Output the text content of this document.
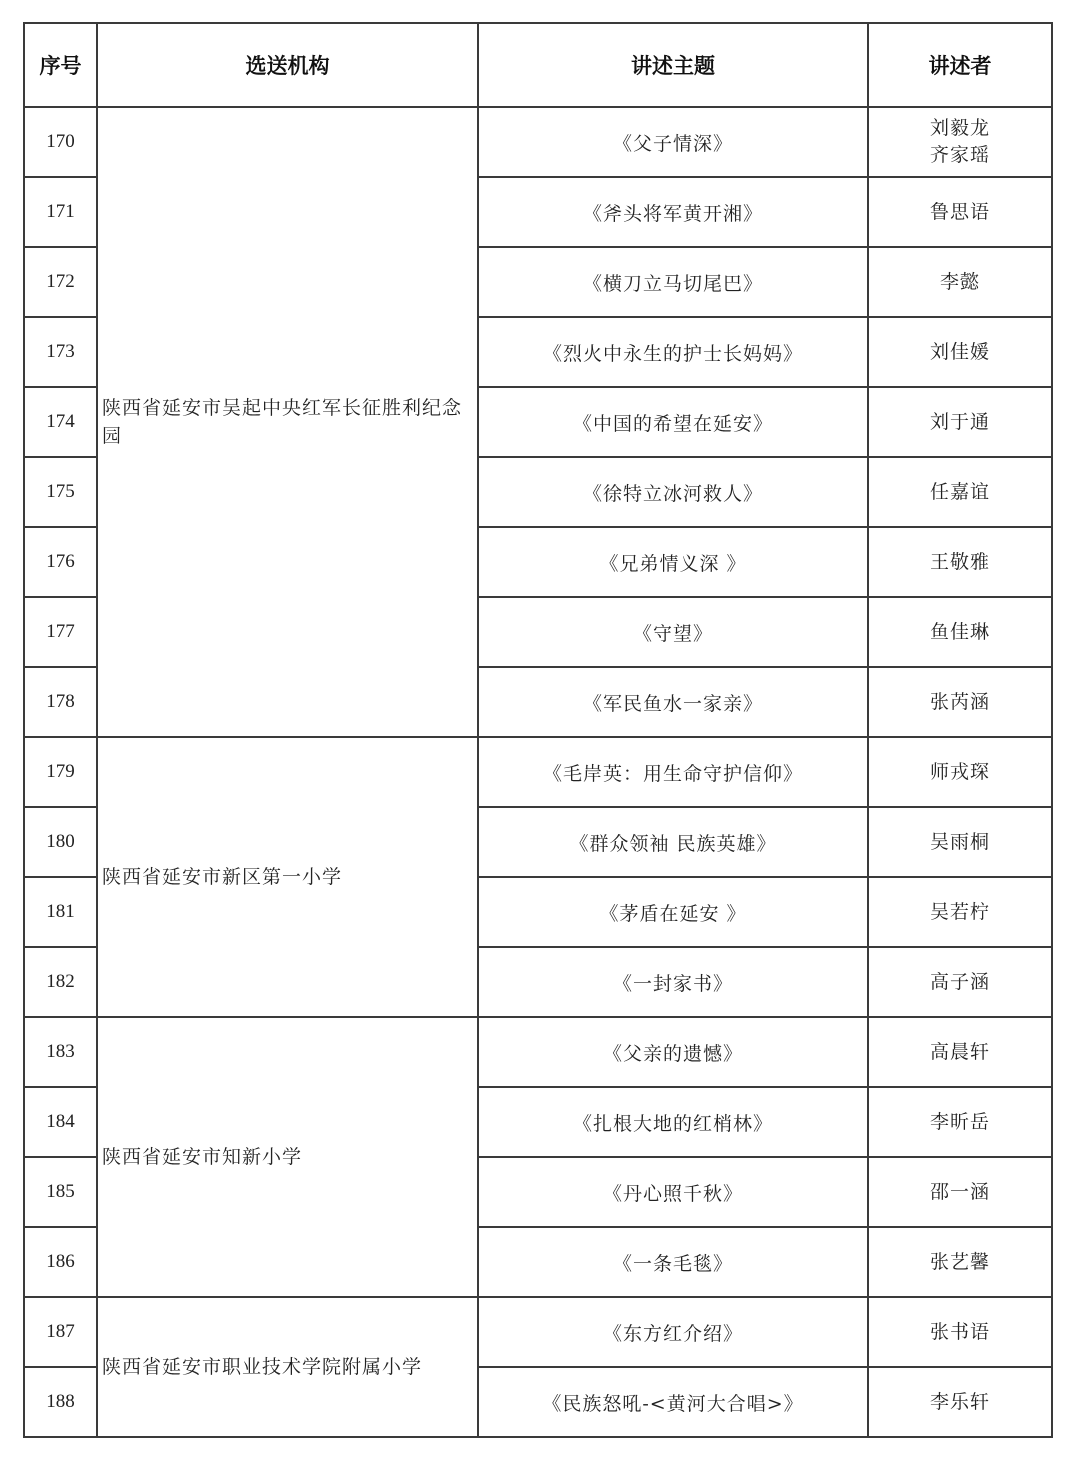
序号	选送机构	讲述主题	讲述者
170	陕西省延安市吴起中央红军长征胜利纪念园	《父子情深》	刘毅龙
齐家瑶

171		《斧头将军黄开湘》	鲁思语

172		《横刀立马切尾巴》	李懿

173		《烈火中永生的护士长妈妈》	刘佳媛

174		《中国的希望在延安》	刘于通

175		《徐特立冰河救人》	任嘉谊

176		《兄弟情义深 》	王敬雅

177		《守望》	鱼佳琳

178		《军民鱼水一家亲》	张芮涵

179	陕西省延安市新区第一小学	《毛岸英：用生命守护信仰》	师戎琛

180		《群众领袖 民族英雄》	吴雨桐

181		《茅盾在延安 》	吴若柠

182		《一封家书》	高子涵

183	陕西省延安市知新小学	《父亲的遗憾》	高晨轩

184		《扎根大地的红梢林》	李昕岳

185		《丹心照千秋》	邵一涵

186		《一条毛毯》	张艺馨

187	陕西省延安市职业技术学院附属小学	《东方红介绍》	张书语

188		《民族怒吼-<黄河大合唱>》	李乐轩
